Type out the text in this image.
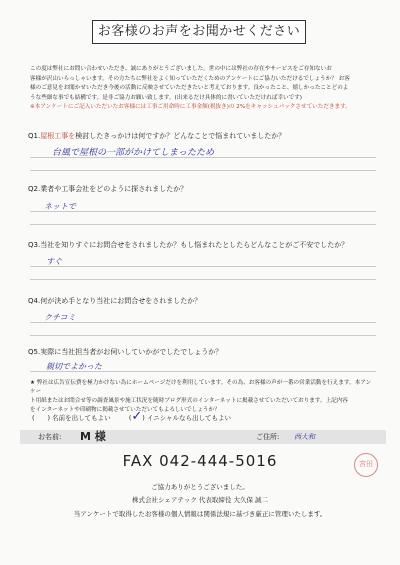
お客様のお声をお聞かせください

この度は弊社にお問い合わせいただき、誠にありがとうございました。世の中には弊社の存在やサービスをご存知ないお
客様が沢山いらっしゃいます。その方たちに弊社をよく知っていただくためのアンケートにご協力いただけるでしょうか？ お客
様のご意見をお聞かせいただき今後の活動に反映させていただきたいと考えております。良かったこと、嬉しかったことどのよ
うな些細な事でも結構です。是非ご協力お願い致します。(出来るだけ具体的に書いていただければ幸いです)

※本アンケートにご記入いただいたお客様には工事ご用命時に工事金額(税抜き)の 2%をキャッシュバックさせていただきます。

Q1.屋根工事を検討したきっかけは何ですか？どんなことで悩まれていましたか？
台風で屋根の一部がかけてしまったため
Q2.業者や工事会社をどのように探されましたか？
ネットで
Q3.当社を知りすぐにお問合せをされましたか？もし悩まれたとしたらどんなことがご不安でしたか？
すぐ
Q4.何が決め手となり当社にお問合せをされましたか？
クチコミ
Q5.実際に当社担当者がお伺いしていかがでしたでしょうか？
親切でよかった
★ 弊社は広告宣伝費を極力かけない為にホームページだけを利用しています。その為、お客様の声が一番の営業活動を行えます。本アンケー
ト用紙またはお問合せ等の調査風景や施工状況を随時ブログ形式のインターネットに掲載させていただいております。上記内容
をインターネットや印刷物に掲載させていただいてもよろしいでしょうか？
(　　) 名前を出してもよい	(✓) イニシャルなら出してもよい
お名前: M 様	ご住所: 西大和
FAX 042-444-5016	宮田
ご協力ありがとうございました。
株式会社シェアテック 代表取締役 大久保 誠二
当アンケートで取得したお客様の個人情報は関係法規に基づき厳正に管理いたします。
